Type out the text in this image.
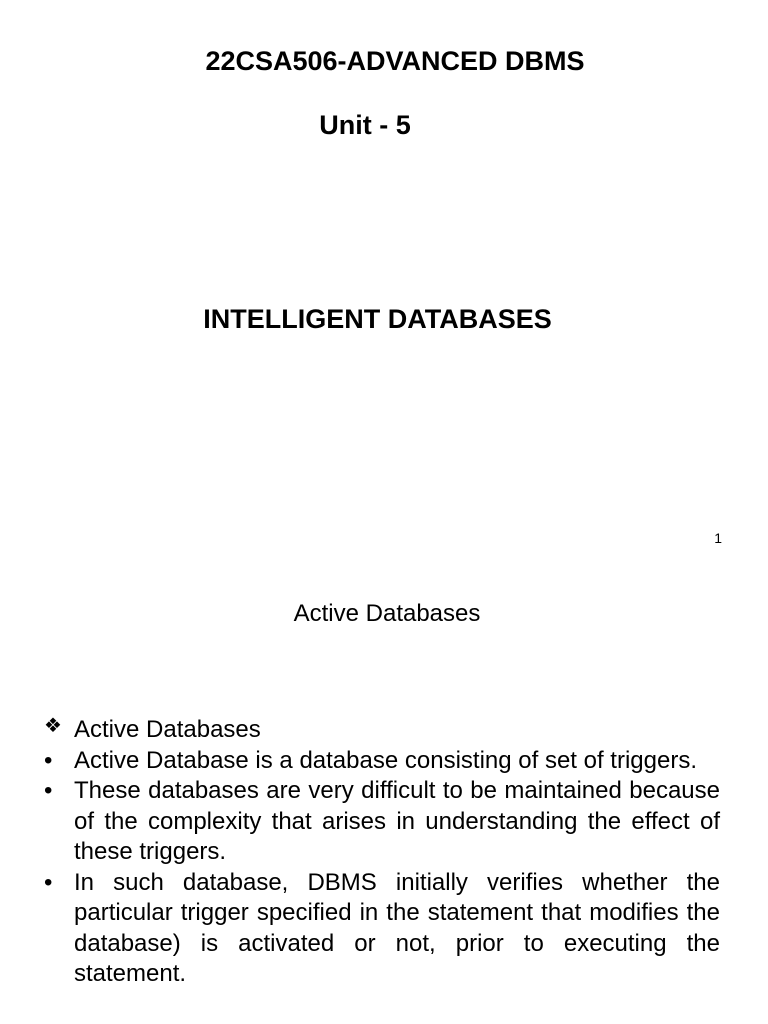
22CSA506-ADVANCED DBMS
Unit - 5
INTELLIGENT DATABASES
1
Active Databases
❖ Active Databases
• Active Database is a database consisting of set of triggers.
• These databases are very difficult to be maintained because of the complexity that arises in understanding the effect of these triggers.
• In such database, DBMS initially verifies whether the particular trigger specified in the statement that modifies the database) is activated or not, prior to executing the statement.
